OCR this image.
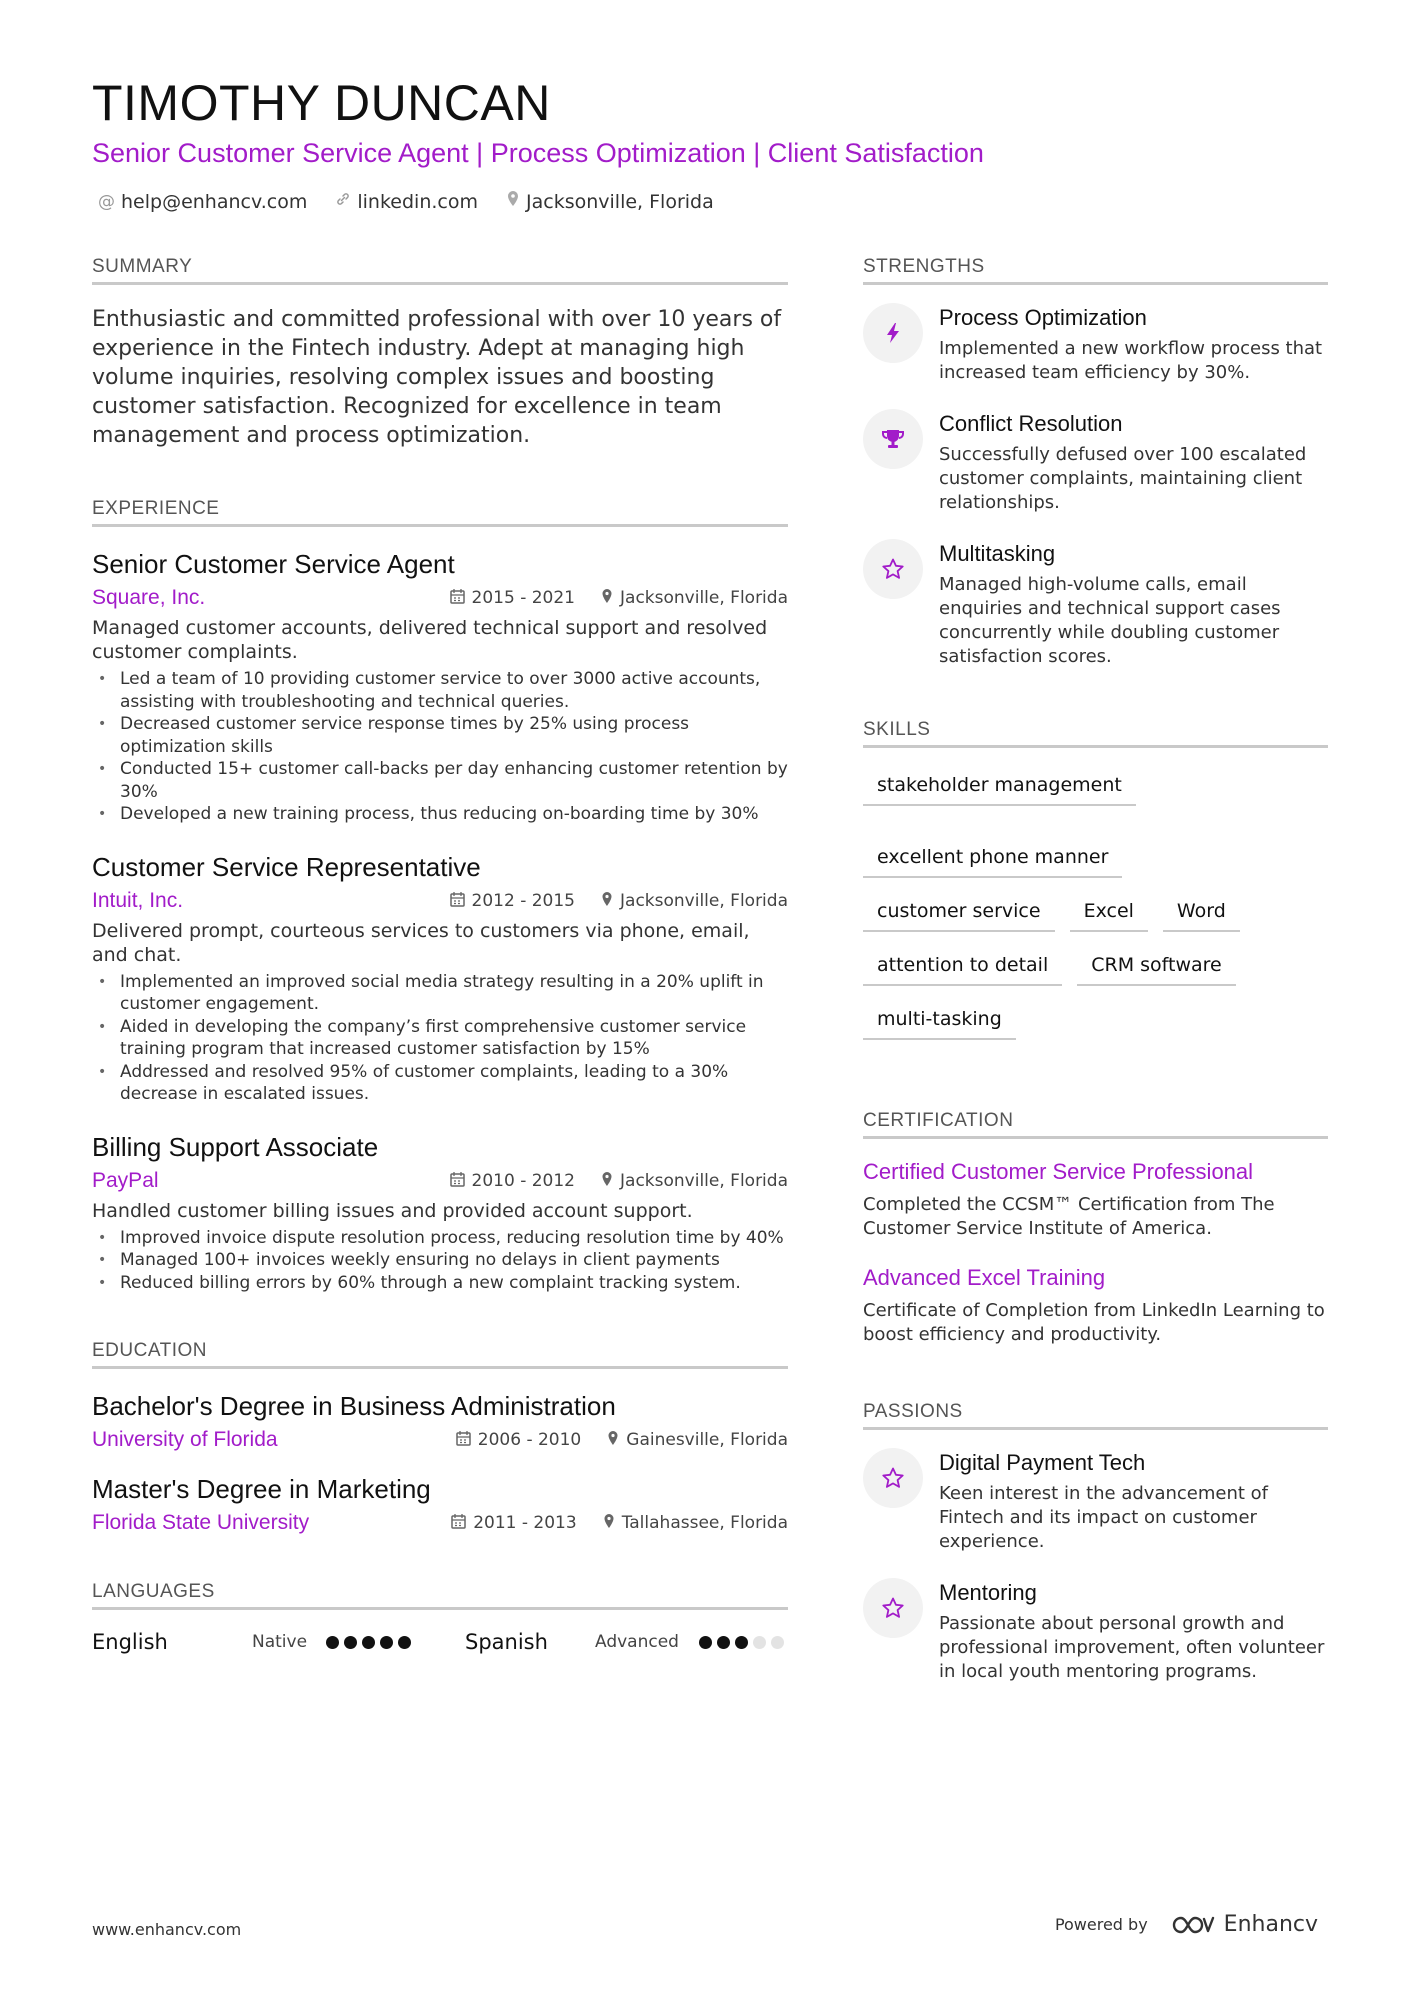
TIMOTHY DUNCAN
Senior Customer Service Agent | Process Optimization | Client Satisfaction
@ help@enhancv.com	linkedin.com	Jacksonville, Florida
SUMMARY
Enthusiastic and committed professional with over 10 years of experience in the Fintech industry. Adept at managing high volume inquiries, resolving complex issues and boosting customer satisfaction. Recognized for excellence in team management and process optimization.
EXPERIENCE
Senior Customer Service Agent
Square, Inc.	2015 - 2021	Jacksonville, Florida
Managed customer accounts, delivered technical support and resolved customer complaints.
• Led a team of 10 providing customer service to over 3000 active accounts, assisting with troubleshooting and technical queries.
• Decreased customer service response times by 25% using process optimization skills
• Conducted 15+ customer call-backs per day enhancing customer retention by 30%
• Developed a new training process, thus reducing on-boarding time by 30%
Customer Service Representative
Intuit, Inc.	2012 - 2015	Jacksonville, Florida
Delivered prompt, courteous services to customers via phone, email, and chat.
• Implemented an improved social media strategy resulting in a 20% uplift in customer engagement.
• Aided in developing the company’s first comprehensive customer service training program that increased customer satisfaction by 15%
• Addressed and resolved 95% of customer complaints, leading to a 30% decrease in escalated issues.
Billing Support Associate
PayPal	2010 - 2012	Jacksonville, Florida
Handled customer billing issues and provided account support.
• Improved invoice dispute resolution process, reducing resolution time by 40%
• Managed 100+ invoices weekly ensuring no delays in client payments
• Reduced billing errors by 60% through a new complaint tracking system.
EDUCATION
Bachelor's Degree in Business Administration
University of Florida	2006 - 2010	Gainesville, Florida
Master's Degree in Marketing
Florida State University	2011 - 2013	Tallahassee, Florida
LANGUAGES
English	Native	Spanish	Advanced
STRENGTHS
Process Optimization
Implemented a new workflow process that increased team efficiency by 30%.
Conflict Resolution
Successfully defused over 100 escalated customer complaints, maintaining client relationships.
Multitasking
Managed high-volume calls, email enquiries and technical support cases concurrently while doubling customer satisfaction scores.
SKILLS
stakeholder management
excellent phone manner
customer service	Excel	Word
attention to detail	CRM software
multi-tasking
CERTIFICATION
Certified Customer Service Professional
Completed the CCSM™ Certification from The Customer Service Institute of America.
Advanced Excel Training
Certificate of Completion from LinkedIn Learning to boost efficiency and productivity.
PASSIONS
Digital Payment Tech
Keen interest in the advancement of Fintech and its impact on customer experience.
Mentoring
Passionate about personal growth and professional improvement, often volunteer in local youth mentoring programs.
www.enhancv.com	Powered by	Enhancv
